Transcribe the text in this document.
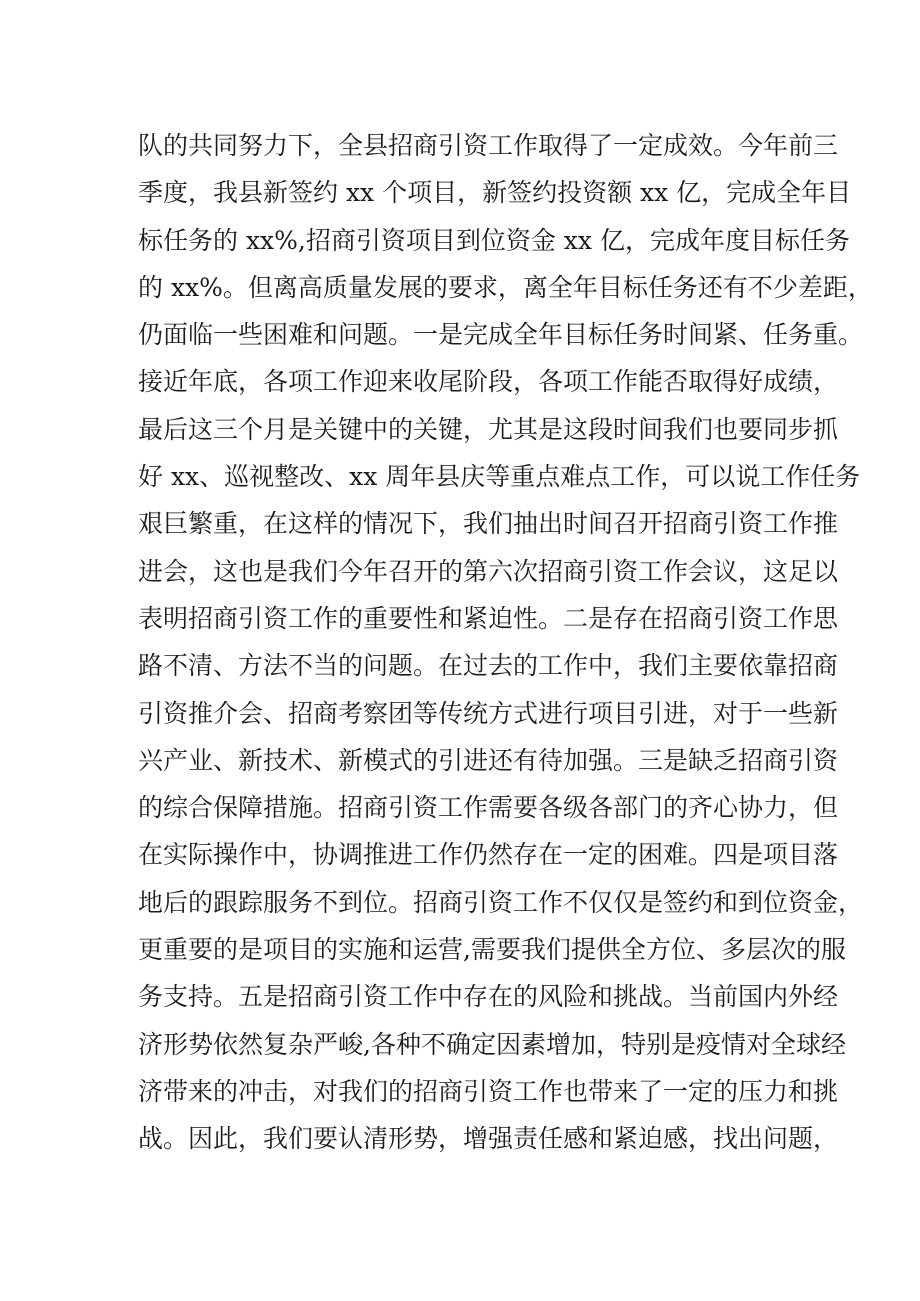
队的共同努力下，全县招商引资工作取得了一定成效。今年前三
季度，我县新签约 xx 个项目，新签约投资额 xx 亿，完成全年目
标任务的 xx%,招商引资项目到位资金 xx 亿，完成年度目标任务
的 xx%。但离高质量发展的要求，离全年目标任务还有不少差距，
仍面临一些困难和问题。一是完成全年目标任务时间紧、任务重。
接近年底，各项工作迎来收尾阶段，各项工作能否取得好成绩，
最后这三个月是关键中的关键，尤其是这段时间我们也要同步抓
好 xx、巡视整改、xx 周年县庆等重点难点工作，可以说工作任务
艰巨繁重，在这样的情况下，我们抽出时间召开招商引资工作推
进会，这也是我们今年召开的第六次招商引资工作会议，这足以
表明招商引资工作的重要性和紧迫性。二是存在招商引资工作思
路不清、方法不当的问题。在过去的工作中，我们主要依靠招商
引资推介会、招商考察团等传统方式进行项目引进，对于一些新
兴产业、新技术、新模式的引进还有待加强。三是缺乏招商引资
的综合保障措施。招商引资工作需要各级各部门的齐心协力，但
在实际操作中，协调推进工作仍然存在一定的困难。四是项目落
地后的跟踪服务不到位。招商引资工作不仅仅是签约和到位资金，
更重要的是项目的实施和运营,需要我们提供全方位、多层次的服
务支持。五是招商引资工作中存在的风险和挑战。当前国内外经
济形势依然复杂严峻,各种不确定因素增加，特别是疫情对全球经
济带来的冲击，对我们的招商引资工作也带来了一定的压力和挑
战。因此，我们要认清形势，增强责任感和紧迫感，找出问题，
